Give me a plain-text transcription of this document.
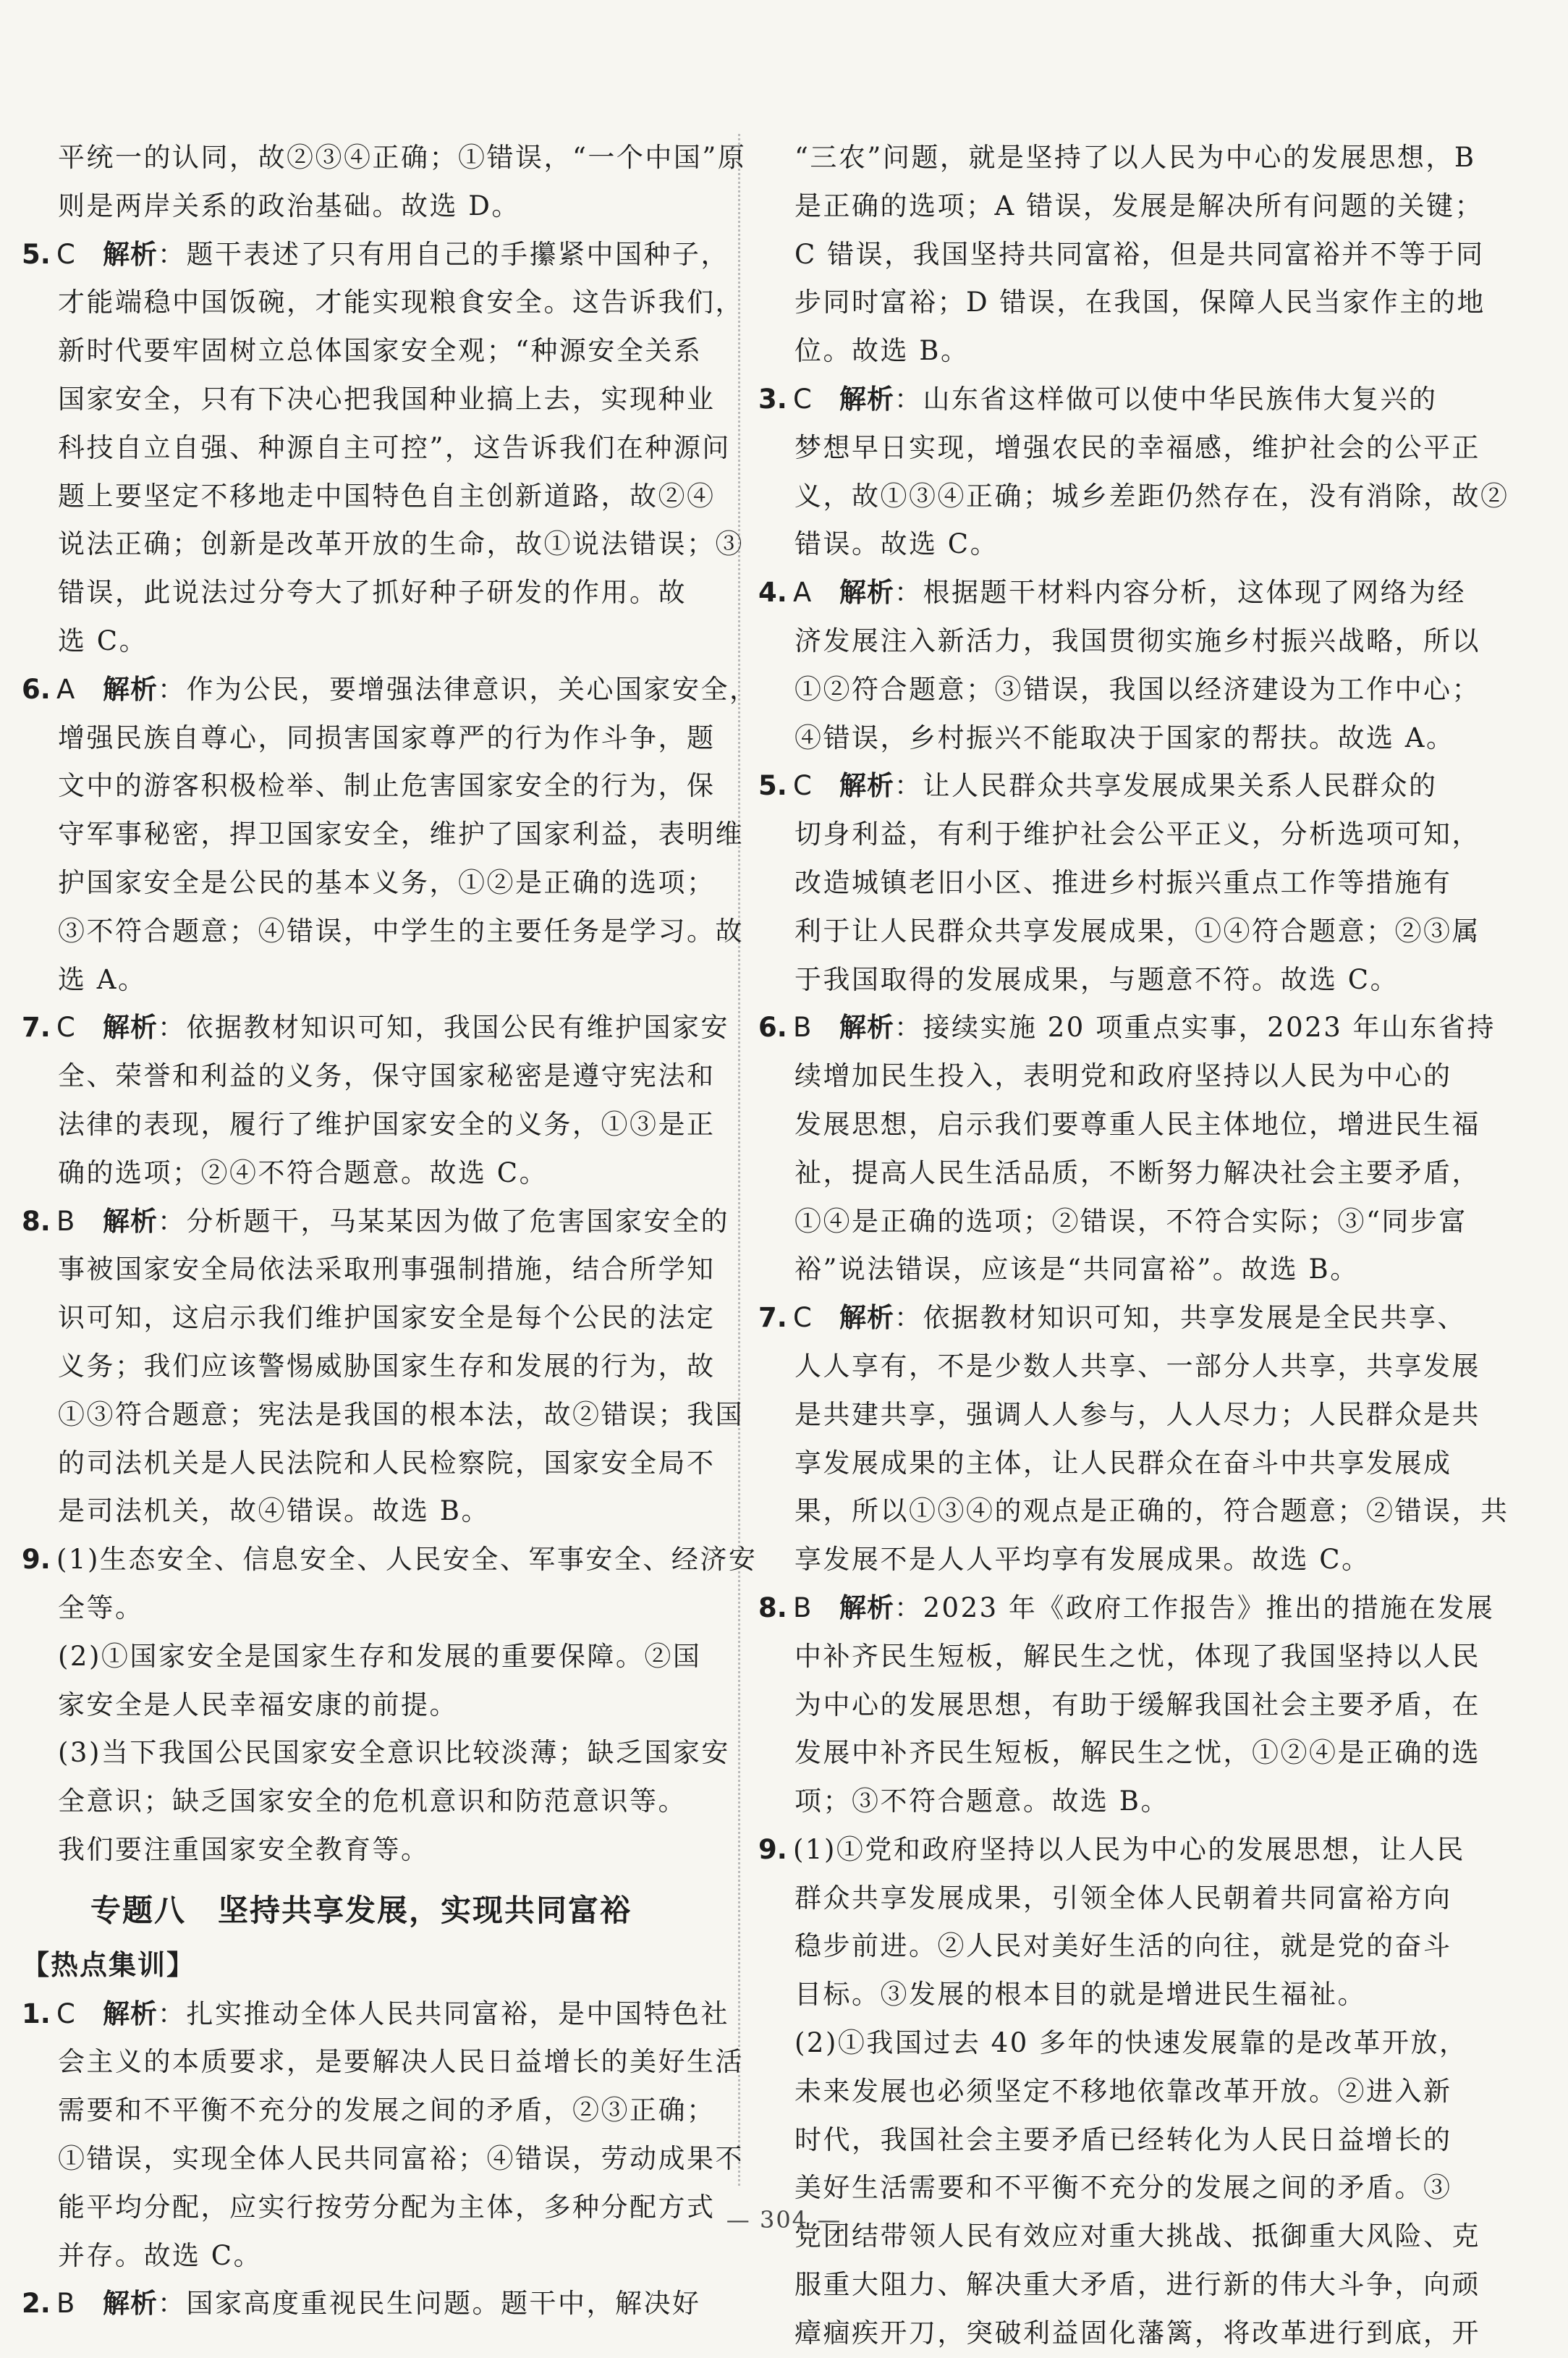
平统一的认同，故②③④正确；①错误，“一个中国”原
则是两岸关系的政治基础。故选 D。
5. C 解析：题干表述了只有用自己的手攥紧中国种子，
才能端稳中国饭碗，才能实现粮食安全。这告诉我们，
新时代要牢固树立总体国家安全观；“种源安全关系
国家安全，只有下决心把我国种业搞上去，实现种业
科技自立自强、种源自主可控”，这告诉我们在种源问
题上要坚定不移地走中国特色自主创新道路，故②④
说法正确；创新是改革开放的生命，故①说法错误；③
错误，此说法过分夸大了抓好种子研发的作用。故
选 C。
6. A 解析：作为公民，要增强法律意识，关心国家安全，
增强民族自尊心，同损害国家尊严的行为作斗争，题
文中的游客积极检举、制止危害国家安全的行为，保
守军事秘密，捍卫国家安全，维护了国家利益，表明维
护国家安全是公民的基本义务，①②是正确的选项；
③不符合题意；④错误，中学生的主要任务是学习。故
选 A。
7. C 解析：依据教材知识可知，我国公民有维护国家安
全、荣誉和利益的义务，保守国家秘密是遵守宪法和
法律的表现，履行了维护国家安全的义务，①③是正
确的选项；②④不符合题意。故选 C。
8. B 解析：分析题干，马某某因为做了危害国家安全的
事被国家安全局依法采取刑事强制措施，结合所学知
识可知，这启示我们维护国家安全是每个公民的法定
义务；我们应该警惕威胁国家生存和发展的行为，故
①③符合题意；宪法是我国的根本法，故②错误；我国
的司法机关是人民法院和人民检察院，国家安全局不
是司法机关，故④错误。故选 B。
9. (1)生态安全、信息安全、人民安全、军事安全、经济安
全等。
(2)①国家安全是国家生存和发展的重要保障。②国
家安全是人民幸福安康的前提。
(3)当下我国公民国家安全意识比较淡薄；缺乏国家安
全意识；缺乏国家安全的危机意识和防范意识等。
我们要注重国家安全教育等。
专题八　坚持共享发展，实现共同富裕
【热点集训】
1. C 解析：扎实推动全体人民共同富裕，是中国特色社
会主义的本质要求，是要解决人民日益增长的美好生活
需要和不平衡不充分的发展之间的矛盾，②③正确；
①错误，实现全体人民共同富裕；④错误，劳动成果不
能平均分配，应实行按劳分配为主体，多种分配方式
并存。故选 C。
2. B 解析：国家高度重视民生问题。题干中，解决好
“三农”问题，就是坚持了以人民为中心的发展思想，B
是正确的选项；A 错误，发展是解决所有问题的关键；
C 错误，我国坚持共同富裕，但是共同富裕并不等于同
步同时富裕；D 错误，在我国，保障人民当家作主的地
位。故选 B。
3. C 解析：山东省这样做可以使中华民族伟大复兴的
梦想早日实现，增强农民的幸福感，维护社会的公平正
义，故①③④正确；城乡差距仍然存在，没有消除，故②
错误。故选 C。
4. A 解析：根据题干材料内容分析，这体现了网络为经
济发展注入新活力，我国贯彻实施乡村振兴战略，所以
①②符合题意；③错误，我国以经济建设为工作中心；
④错误，乡村振兴不能取决于国家的帮扶。故选 A。
5. C 解析：让人民群众共享发展成果关系人民群众的
切身利益，有利于维护社会公平正义，分析选项可知，
改造城镇老旧小区、推进乡村振兴重点工作等措施有
利于让人民群众共享发展成果，①④符合题意；②③属
于我国取得的发展成果，与题意不符。故选 C。
6. B 解析：接续实施 20 项重点实事，2023 年山东省持
续增加民生投入，表明党和政府坚持以人民为中心的
发展思想，启示我们要尊重人民主体地位，增进民生福
祉，提高人民生活品质，不断努力解决社会主要矛盾，
①④是正确的选项；②错误，不符合实际；③“同步富
裕”说法错误，应该是“共同富裕”。故选 B。
7. C 解析：依据教材知识可知，共享发展是全民共享、
人人享有，不是少数人共享、一部分人共享，共享发展
是共建共享，强调人人参与，人人尽力；人民群众是共
享发展成果的主体，让人民群众在奋斗中共享发展成
果，所以①③④的观点是正确的，符合题意；②错误，共
享发展不是人人平均享有发展成果。故选 C。
8. B 解析：2023 年《政府工作报告》推出的措施在发展
中补齐民生短板，解民生之忧，体现了我国坚持以人民
为中心的发展思想，有助于缓解我国社会主要矛盾，在
发展中补齐民生短板，解民生之忧，①②④是正确的选
项；③不符合题意。故选 B。
9. (1)①党和政府坚持以人民为中心的发展思想，让人民
群众共享发展成果，引领全体人民朝着共同富裕方向
稳步前进。②人民对美好生活的向往，就是党的奋斗
目标。③发展的根本目的就是增进民生福祉。
(2)①我国过去 40 多年的快速发展靠的是改革开放，
未来发展也必须坚定不移地依靠改革开放。②进入新
时代，我国社会主要矛盾已经转化为人民日益增长的
美好生活需要和不平衡不充分的发展之间的矛盾。③
党团结带领人民有效应对重大挑战、抵御重大风险、克
服重大阻力、解决重大矛盾，进行新的伟大斗争，向顽
瘴痼疾开刀，突破利益固化藩篱，将改革进行到底，开
— 304 —
